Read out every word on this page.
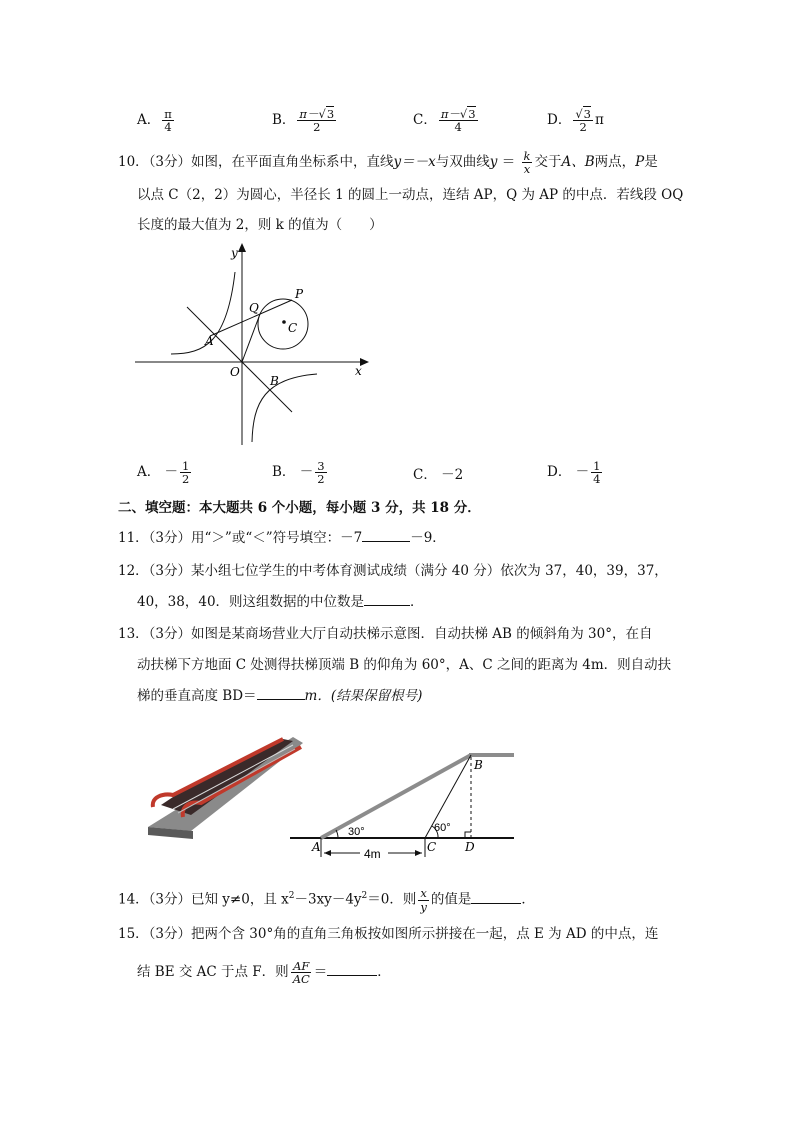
A． $\frac{\pi}{4}$	B． $\frac{\pi-√3}{2}$	C． $\frac{\pi-√3}{4}$	D． $\frac{√3}{2}$ π
10．（3分）如图，在平面直角坐标系中，直线y＝－x与双曲线$y = \frac{k}{x}$ 交于A、B两点，P是
以点 C（2，2）为圆心，半径长 1 的圆上一动点，连结 AP，Q 为 AP 的中点．若线段 OQ
长度的最大值为 2，则 k 的值为（　　）
y
x
O
A
B
C
P
Q
A． － $\frac{1}{2}$	B． － $\frac{3}{2}$	C． －2	D． － $\frac{1}{4}$
二、填空题：本大题共 6 个小题，每小题 3 分，共 18 分．
11．（3分）用“＞”或“＜”符号填空：－7	－9．
12．（3分）某小组七位学生的中考体育测试成绩（满分 40 分）依次为 37，40，39，37，
40，38，40．则这组数据的中位数是	．
13．（3分）如图是某商场营业大厅自动扶梯示意图．自动扶梯 AB 的倾斜角为 30°，在自
动扶梯下方地面 C 处测得扶梯顶端 B 的仰角为 60°，A、C 之间的距离为 4m．则自动扶
梯的垂直高度 BD＝	m．(结果保留根号)
30°	60°
4m
A
B
C D
14．（3分）已知 y≠0，且 $x^2-3xy-4y^2=0$．则 $\frac{x}{y}$ 的值是	．
15．（3分）把两个含 30°角的直角三角板按如图所示拼接在一起，点 E 为 AD 的中点，连
结 BE 交 AC 于点 F．则 $\frac{AF}{AC}$ ＝	．
